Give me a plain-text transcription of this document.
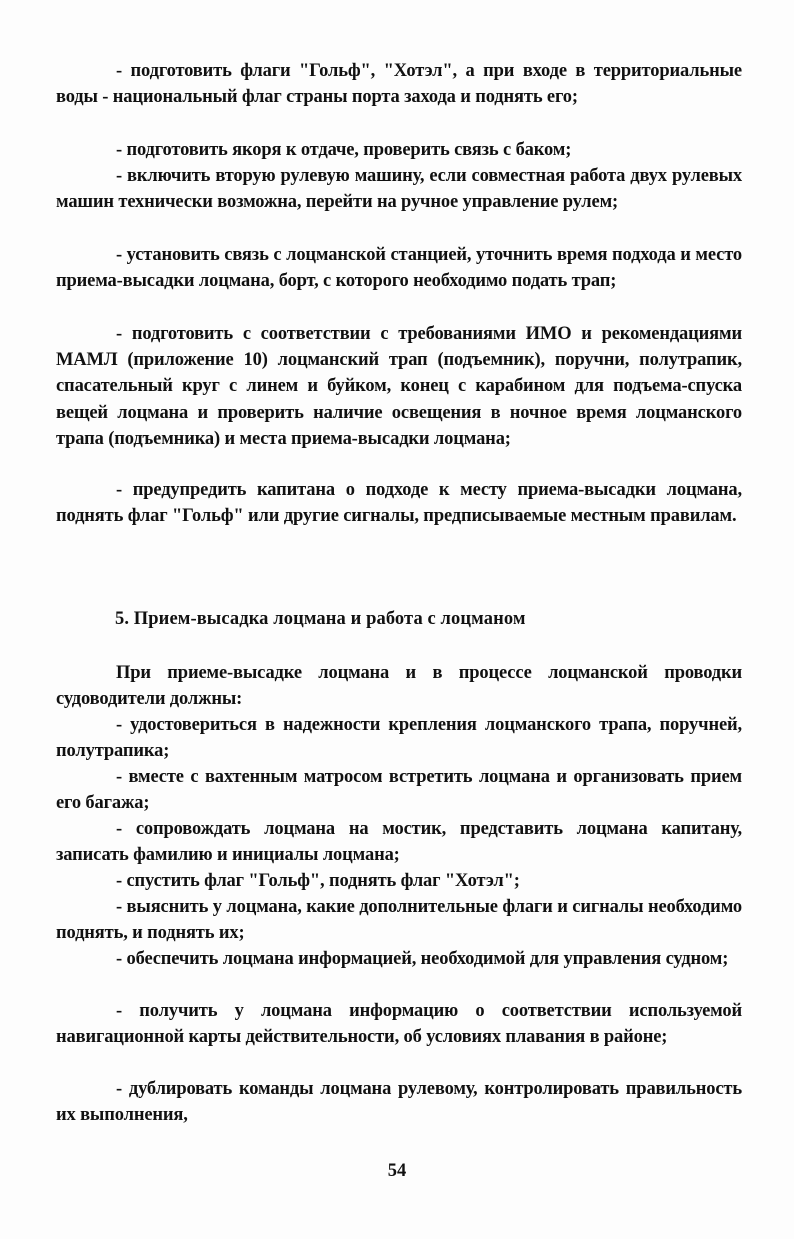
- подготовить флаги "Гольф", "Хотэл", а при входе в территориальные воды - национальный флаг страны порта захода и поднять его;

- подготовить якоря к отдаче, проверить связь с баком;

- включить вторую рулевую машину, если совместная работа двух рулевых машин технически возможна, перейти на ручное управление рулем;

- установить связь с лоцманской станцией, уточнить время подхода и место приема-высадки лоцмана, борт, с которого необходимо подать трап;

- подготовить с соответствии с требованиями ИМО и рекомендациями МАМЛ (приложение 10) лоцманский трап (подъемник), поручни, полутрапик, спасательный круг с линем и буйком, конец с карабином для подъема-спуска вещей лоцмана и проверить наличие освещения в ночное время лоцманского трапа (подъемника) и места приема-высадки лоцмана;

- предупредить капитана о подходе к месту приема-высадки лоцмана, поднять флаг "Гольф" или другие сигналы, предписываемые местным правилам.

5. Прием-высадка лоцмана и работа с лоцманом

При приеме-высадке лоцмана и в процессе лоцманской проводки судоводители должны:

- удостовериться в надежности крепления лоцманского трапа, поручней, полутрапика;

- вместе с вахтенным матросом встретить лоцмана и организовать прием его багажа;

- сопровождать лоцмана на мостик, представить лоцмана капитану, записать фамилию и инициалы лоцмана;

- спустить флаг "Гольф", поднять флаг "Хотэл";

- выяснить у лоцмана, какие дополнительные флаги и сигналы необходимо поднять, и поднять их;

- обеспечить лоцмана информацией, необходимой для управления судном;

- получить у лоцмана информацию о соответствии используемой навигационной карты действительности, об условиях плавания в районе;

- дублировать команды лоцмана рулевому, контролировать правильность их выполнения,

54
